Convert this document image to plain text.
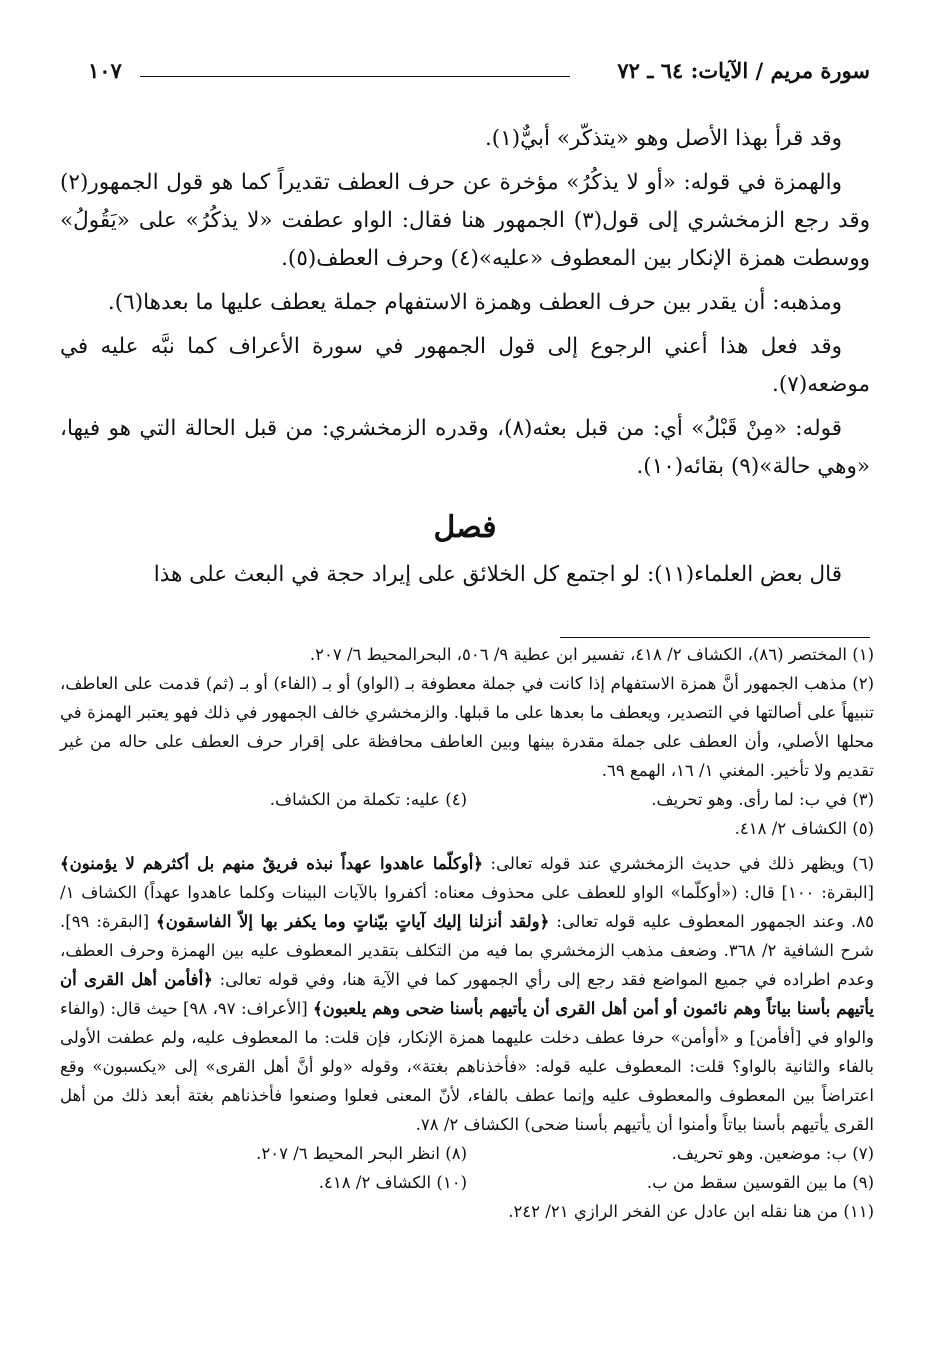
سورة مريم / الآيات: ٦٤ ـ ٧٢
١٠٧

وقد قرأ بهذا الأصل وهو «يتذكّر» أبيٌّ(١).

والهمزة في قوله: «أو لا يذكُرُ» مؤخرة عن حرف العطف تقديراً كما هو قول الجمهور(٢) وقد رجع الزمخشري إلى قول(٣) الجمهور هنا فقال: الواو عطفت «لا يذكُرُ» على «يَقُولُ» ووسطت همزة الإنكار بين المعطوف «عليه»(٤) وحرف العطف(٥).

ومذهبه: أن يقدر بين حرف العطف وهمزة الاستفهام جملة يعطف عليها ما بعدها(٦).

وقد فعل هذا أعني الرجوع إلى قول الجمهور في سورة الأعراف كما نبَّه عليه في موضعه(٧).

قوله: «مِنْ قَبْلُ» أي: من قبل بعثه(٨)، وقدره الزمخشري: من قبل الحالة التي هو فيها، «وهي حالة»(٩) بقائه(١٠).

فصل

قال بعض العلماء(١١): لو اجتمع كل الخلائق على إيراد حجة في البعث على هذا

(١) المختصر (٨٦)، الكشاف ٢/ ٤١٨، تفسير ابن عطية ٩/ ٥٠٦، البحرالمحيط ٦/ ٢٠٧.

(٢) مذهب الجمهور أنَّ همزة الاستفهام إذا كانت في جملة معطوفة بـ (الواو) أو بـ (الفاء) أو بـ (ثم) قدمت على العاطف، تنبيهاً على أصالتها في التصدير، ويعطف ما بعدها على ما قبلها. والزمخشري خالف الجمهور في ذلك فهو يعتبر الهمزة في محلها الأصلي، وأن العطف على جملة مقدرة بينها وبين العاطف محافظة على إقرار حرف العطف على حاله من غير تقديم ولا تأخير. المغني ١/ ١٦، الهمع ٦٩.

(٣) في ب: لما رأى. وهو تحريف.
(٤) عليه: تكملة من الكشاف.

(٥) الكشاف ٢/ ٤١٨.

(٦) ويظهر ذلك في حديث الزمخشري عند قوله تعالى: ﴿أوكلّما عاهدوا عهداً نبذه فريقٌ منهم بل أكثرهم لا يؤمنون﴾ [البقرة: ١٠٠] قال: («أوكلّما» الواو للعطف على محذوف معناه: أكفروا بالآيات البينات وكلما عاهدوا عهداً) الكشاف ١/ ٨٥. وعند الجمهور المعطوف عليه قوله تعالى: ﴿ولقد أنزلنا إليك آياتٍ بيّناتٍ وما يكفر بها إلاّ الفاسقون﴾ [البقرة: ٩٩]. شرح الشافية ٢/ ٣٦٨. وضعف مذهب الزمخشري بما فيه من التكلف بتقدير المعطوف عليه بين الهمزة وحرف العطف، وعدم اطراده في جميع المواضع فقد رجع إلى رأي الجمهور كما في الآية هنا، وفي قوله تعالى: ﴿أفأمن أهل القرى أن يأتيهم بأسنا بياتاً وهم نائمون أو أمن أهل القرى أن يأتيهم بأسنا ضحى وهم يلعبون﴾ [الأعراف: ٩٧، ٩٨] حيث قال: (والفاء والواو في [أفأمن] و «أوأمن» حرفا عطف دخلت عليهما همزة الإنكار، فإن قلت: ما المعطوف عليه، ولم عطفت الأولى بالفاء والثانية بالواو؟ قلت: المعطوف عليه قوله: «فأخذناهم بغتة»، وقوله «ولو أنَّ أهل القرى» إلى «يكسبون» وقع اعتراضاً بين المعطوف والمعطوف عليه وإنما عطف بالفاء، لأنّ المعنى فعلوا وصنعوا فأخذناهم بغتة أبعد ذلك من أهل القرى يأتيهم بأسنا بياتاً وأمنوا أن يأتيهم بأسنا ضحى) الكشاف ٢/ ٧٨.

(٧) ب: موضعين. وهو تحريف.
(٨) انظر البحر المحيط ٦/ ٢٠٧.
(٩) ما بين القوسين سقط من ب.
(١٠) الكشاف ٢/ ٤١٨.

(١١) من هنا نقله ابن عادل عن الفخر الرازي ٢١/ ٢٤٢.
